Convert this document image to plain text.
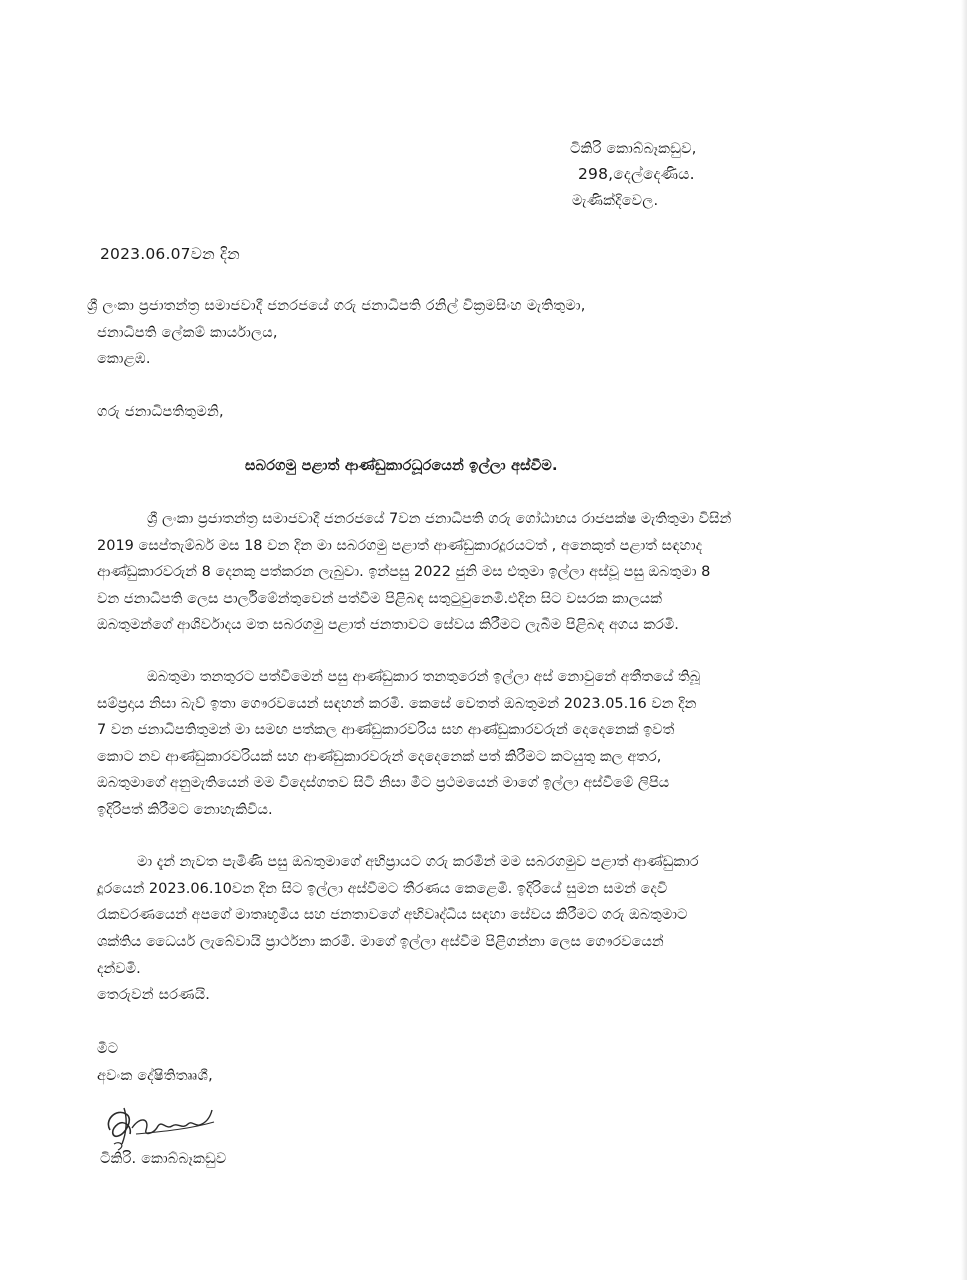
ටිකිරි කොබ්බෑකඩුව,
298,දෙල්දෙණිය.
මැණික්දිවෙල.
2023.06.07වන දින
ශ්‍රී ලංකා ප්‍රජාතන්ත්‍ර සමාජවාදී ජනරජයේ ගරු ජනාධිපති රනිල් වික්‍රමසිංහ මැතිතුමා,
ජනාධිපති ලේකම් කාර්යාලය,
කොළඹ.
ගරු ජනාධිපතිතුමනි,
සබරගමු පළාත් ආණ්ඩුකාරධූරයෙන් ඉල්ලා අස්වීම.
ශ්‍රී ලංකා ප්‍රජාතන්ත්‍ර සමාජවාදී ජනරජයේ 7වන ජනාධිපති ගරු ගෝඨාභය රාජපක්ෂ මැතිතුමා විසින්
2019 සෙප්තැම්බර් මස 18 වන දින මා සබරගමු පළාත් ආණ්ඩුකාරදූරයටත් , අනෙකුත් පළාත් සඳහාද
ආණ්ඩුකාරවරුන් 8 දෙනකු පත්කරන ලැබුවා. ඉන්පසු 2022 ජුනි මස එතුමා ඉල්ලා අස්වූ පසු ඔබතුමා 8
වන ජනාධිපති ලෙස පාර්ලිමේන්තුවෙන් පත්වීම පිළිබඳ සතුටුවුනෙමි.එදින සිට වසරක කාලයක්
ඔබතුමන්ගේ ආශිර්වාදය මත සබරගමු පළාත් ජනතාවට සේවය කිරීමට ලැබීම පිළිබඳ අගය කරමි.
ඔබතුමා තනතුරට පත්වීමෙන් පසු ආණ්ඩුකාර තනතුරෙන් ඉල්ලා අස් නොවුනේ අතීතයේ තිබූ
සම්ප්‍රදාය නිසා බැව් ඉතා ගෞරවයෙන් සඳහන් කරමි. කෙසේ වෙතත් ඔබතුමන් 2023.05.16 වන දින
7 වන ජනාධිපතිතුමන් මා සමඟ පත්කල ආණ්ඩුකාරවරිය සහ ආණ්ඩුකාරවරුන් දෙදෙනෙක් ඉවත්
කොට නව ආණ්ඩුකාරවරියක් සහ ආණ්ඩුකාරවරුන් දෙදෙනෙක් පත් කිරීමට කටයුතු කල අතර,
ඔබතුමාගේ අනුමැතියෙන් මම විදෙස්ගතව සිටි නිසා මීට ප්‍රථමයෙන් මාගේ ඉල්ලා අස්වීමේ ලිපිය
ඉදිරිපත් කිරීමට නොහැකිවිය.
මා දැන් නැවත පැමිණි පසු ඔබතුමාගේ අභිප්‍රායට ගරු කරමින් මම සබරගමුව පළාත් ආණ්ඩුකාර
දූරයෙන් 2023.06.10වන දින සිට ඉල්ලා අස්වීමට තීරණය කෙළෙමි. ඉදිරියේ සුමන සමන් දෙවි
රැකවරණයෙන් අපගේ මාතෘභූමිය සහ ජනතාවගේ අභිවෘද්ධිය සඳහා සේවය කිරීමට ගරු ඔබතුමාට
ශක්තිය ධෛර්ය ලැබේවායි ප්‍රාර්ථනා කරමි. මාගේ ඉල්ලා අස්වීම පිළිගන්නා ලෙස ගෞරවයෙන්
දන්වමි.
තෙරුවන් සරණයි.
මීට
අවංක දේෂිතිතෲශී,
ටිකිරි. කොබ්බෑකඩුව
